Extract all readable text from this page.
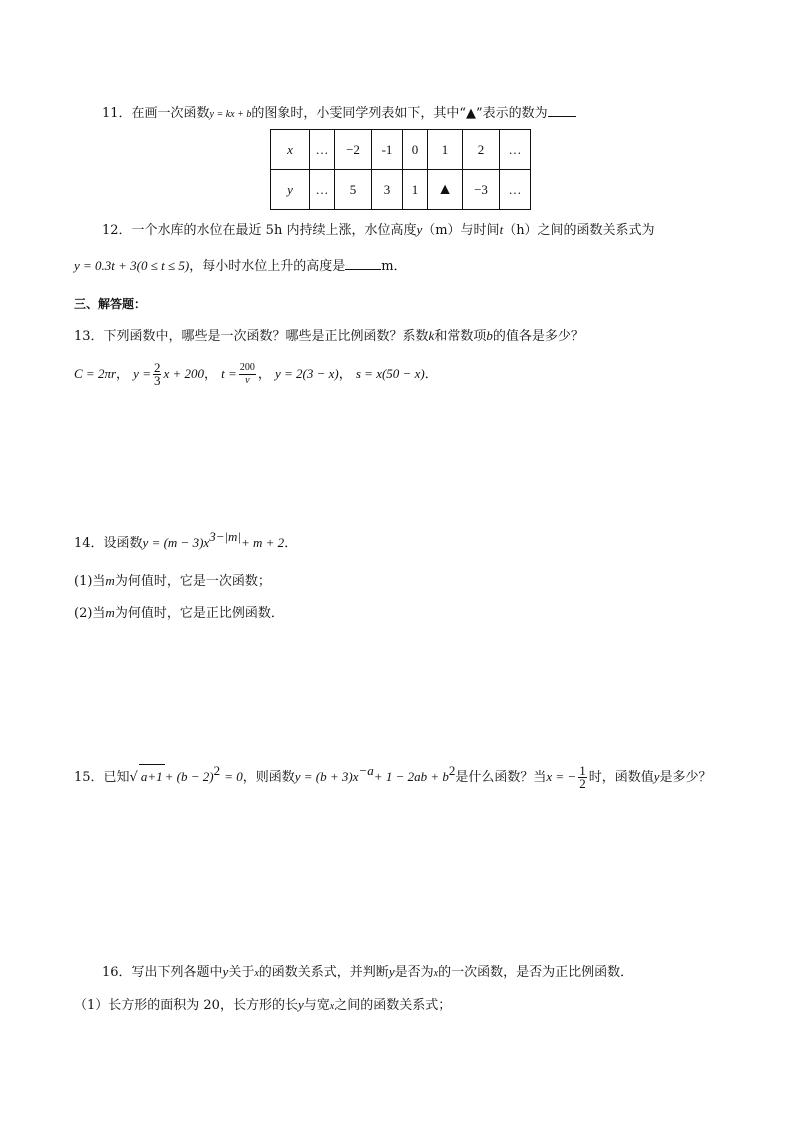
11．在画一次函数y = kx + b的图象时，小雯同学列表如下，其中“▲”表示的数为
x	…	−2	-1	0	1	2	…
y	…	5	3	1	▲	−3	…
12．一个水库的水位在最近 5h 内持续上涨，水位高度y（m）与时间t（h）之间的函数关系式为
y = 0.3t + 3(0 ≤ t ≤ 5)，每小时水位上升的高度是	m．
三、解答题：
13．下列函数中，哪些是一次函数？哪些是正比例函数？系数k和常数项b的值各是多少？
C = 2πr， $y = \frac{2}{3}$ x + 200， $t = \frac{200}{v}$ ， y = 2(3 − x)， s = x(50 − x)．
14．设函数$y = (m - 3)x^{3-|m|}+ m + 2$．
(1)当m为何值时，它是一次函数；
(2)当m为何值时，它是正比例函数．
15．已知√ $a+1 + (b - 2)^2 = 0$，则函数$y = (b + 3)x^{-a}+ 1 - 2ab + b^2$是什么函数？当x = − $\frac{1}{2}$ 时，函数值y是多少？
16．写出下列各题中y关于x的函数关系式，并判断y是否为x的一次函数，是否为正比例函数．
（1）长方形的面积为 20，长方形的长y与宽x之间的函数关系式；
